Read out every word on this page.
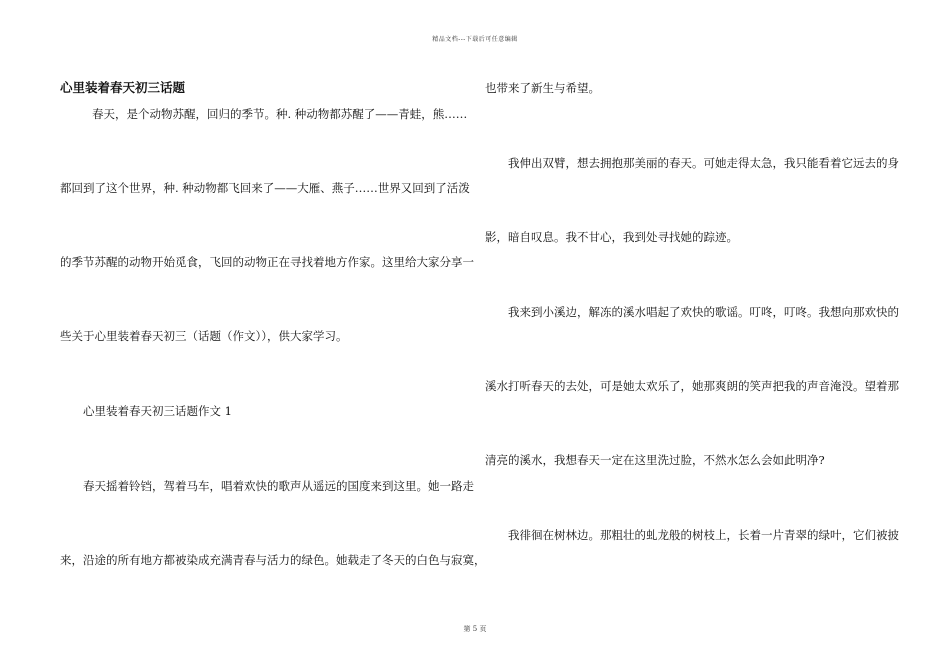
精品文档---下载后可任意编辑
心里装着春天初三话题
春天，是个动物苏醒，回归的季节。种. 种动物都苏醒了——青蛙，熊……
都回到了这个世界，种. 种动物都飞回来了——大雁、燕子……世界又回到了活泼
的季节苏醒的动物开始觅食，飞回的动物正在寻找着地方作家。这里给大家分享一
些关于心里装着春天初三（话题（作文）），供大家学习。
心里装着春天初三话题作文 1
春天摇着铃铛，驾着马车，唱着欢快的歌声从遥远的国度来到这里。她一路走
来，沿途的所有地方都被染成充满青春与活力的绿色。她载走了冬天的白色与寂寞，
也带来了新生与希望。
我伸出双臂，想去拥抱那美丽的春天。可她走得太急，我只能看着它远去的身
影，暗自叹息。我不甘心，我到处寻找她的踪迹。
我来到小溪边，解冻的溪水唱起了欢快的歌谣。叮咚，叮咚。我想向那欢快的
溪水打听春天的去处，可是她太欢乐了，她那爽朗的笑声把我的声音淹没。望着那
清亮的溪水，我想春天一定在这里洗过脸，不然水怎么会如此明净?
我徘徊在树林边。那粗壮的虬龙般的树枝上，长着一片青翠的绿叶，它们被披
第 5 页
